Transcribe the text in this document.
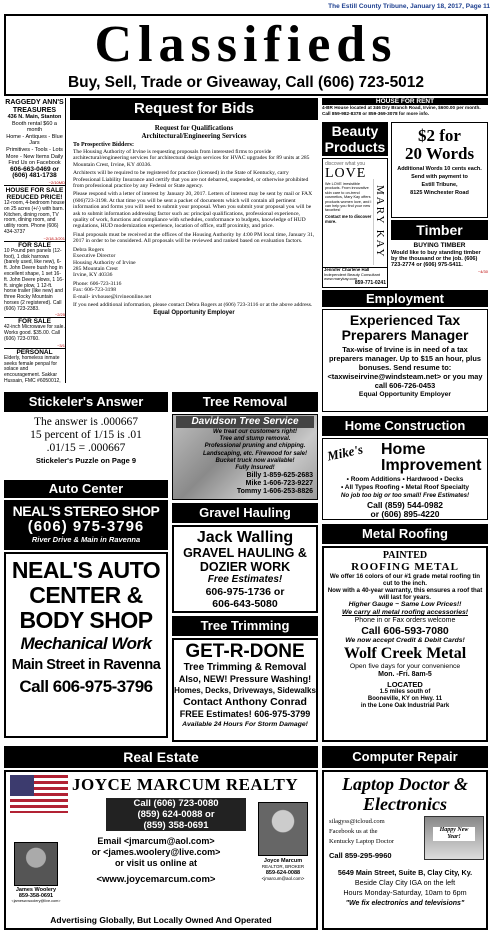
The Estill County Tribune, January 18, 2017, Page 11
Classifieds
Buy, Sell, Trade or Giveaway, Call (606) 723-5012
RAGGEDY ANN'S TREASURES
436 N. Main, Stanton
Booth rental $60 a month
Home - Antiques - Blue Jars
Primitives - Tools - Lots
More - New Items Daily
Find Us on Facebook
606-663-0469 or
(606) 481-1738
~2/10MD
HOUSE FOR SALE REDUCED PRICE!
12-room, 4-bedroom house on 25 acres (+/-) with barn. Kitchen, dining room, TV room, dining room, and utility room. Phone (606) 434-3737
~2/18-3/201
FOR SALE
10 Pound pen panels (12-foot), 1 disk harrows (barely used, like new), 6-ft. John Deere bush hog in excellent shape, 1 set 16-ft. John Deere plows, 1 16-ft. single plow, 1 12-ft. horse trailer (like new) and three Rocky Mountain horses (2 registered). Call (606) 723-2383.
~2/25
FOR SALE
42-inch Microwave for sale. Works good. $35.00. Call (606) 723-0760.
~3/1
PERSONAL
Elderly, homeless inmate seeks female penpal for solace and encouragement. Sakkar Hussain, FMC #6050012,
Request for Bids
Request for Qualifications
Architectural/Engineering Services
To Prospective Bidders:
The Housing Authority of Irvine is requesting proposals from interested firms to provide architectural/engineering services for architectural design services for HVAC upgrades for 89 units at 285 Mountain Crest, Irvine, KY 40336.
Architects will be required to be registered for practice (licensed) in the State of Kentucky, carry Professional Liability Insurance and certify that you are not debarred, suspended, or otherwise prohibited from professional practice by any Federal or State agency.
Please respond with a letter of interest by January 20, 2017. Letters of interest may be sent by mail or FAX (606)723-3198. At that time you will be sent a packet of documents which will contain all pertinent information and forms you will need to submit your proposal. When you submit your proposal you will be ask to submit information addressing factor such as: principal qualifications, professional experience, quality of work, functions and compliance with schedules, conformance to budgets, knowledge of HUD regulations, HUD modernization experience, location of office, staff proximity, and price.
Final proposals must be received at the offices of the Housing Authority by 4:00 PM local time, January 31, 2017 in order to be considered. All proposals will be reviewed and ranked based on evaluation factors.
Debra Rogers
Executive Director
Housing Authority of Irvine
285 Mountain Crest
Irvine, KY 40336
Phone: 606-723-3116
Fax: 606-723-3198
E-mail- irvhouse@irvineonline.net
If you need additional information, please contact Debra Rogers at (606) 723-3116 or at the above address.
Equal Opportunity Employer
HOUSE FOR RENT
4-BR House located at 346 Dry Branch Road, Irvine, $600.00 per month. Call 859-982-8378 or 859-369-3078 for more info.
Beauty Products
discover what you
LOVE
We LOVE irresistible products. From innovative skin care to on-trend cosmetics, Mary Kay offers products women love, and I can help you find your new favorites!
Contact me to discover more.	MARY KAY
Jennifer Charlene Hall
Independent Beauty Consultant
www.marykay.com
859-771-0241
$2 for
20 Words
Additional Words 10 cents each.
Send with payment to
Estill Tribune,
8125 Winchester Road
Timber
BUYING TIMBER
Would like to buy standing timber by the thousand or the job. (606) 723-2774 or (606) 975-5411.
~4/30
Employment
Experienced Tax Preparers Manager
Tax-wise of Irvine is in need of a tax preparers manager. Up to $15 an hour, plus bonuses. Send resume to: <taxwiseirvine@windsteam.net> or you may call 606-726-0453
Equal Opportunity Employer
Stickeler's Answer
The answer is .000667
15 percent of 1/15 is .01
.01/15 = .000667
Stickeler's Puzzle on Page 9
Tree Removal
Davidson Tree Service
We treat our customers right!
Tree and stump removal.
Professional pruning and chipping.
Landscaping, etc. Firewood for sale!
Bucket truck now available!
Fully Insured!
Billy 1-859-625-2683
Mike 1-606-723-9227
Tommy 1-606-253-8826
Home Construction
Mike's Home
Improvement
• Room Additions • Hardwood • Decks
• All Types Roofing • Metal Roof Specialty
No job too big or too small! Free Estimates!
Call (859) 544-0982
or (606) 895-4220
Auto Center
NEAL'S STEREO SHOP
(606) 975-3796
River Drive & Main in Ravenna
NEAL'S AUTO
CENTER &
BODY SHOP
Mechanical Work
Main Street in Ravenna
Call 606-975-3796
Gravel Hauling
Jack Walling
GRAVEL HAULING &
DOZIER WORK
Free Estimates!
606-975-1736 or
606-643-5080
Metal Roofing
PAINTED
ROOFING METAL
We offer 16 colors of our #1 grade metal roofing tin cut to the inch.
Now with a 40-year warranty, this ensures a roof that will last for years.
Higher Gauge ~ Same Low Prices!!
We carry all metal roofing accessories!
Phone in or Fax orders welcome
Call 606-593-7080
We now accept Credit & Debit Cards!
Wolf Creek Metal
Open five days for your convenience
Mon. -Fri. 8am-5
LOCATED
1.5 miles south of
Booneville, KY on Hwy. 11
in the Lone Oak Industrial Park
Tree Trimming
GET-R-DONE
Tree Trimming & Removal
Also, NEW! Pressure Washing!
Homes, Decks, Driveways, Sidewalks
Contact Anthony Conrad
FREE Estimates! 606-975-3799
Available 24 Hours For Storm Damage!
Real Estate
JOYCE MARCUM REALTY
Call (606) 723-0080
(859) 624-0088 or
(859) 358-0691
Email <jmarcum@aol.com>
or <james.woolery@live.com>
or visit us online at
<www.joycemarcum.com>
Advertising Globally, But Locally Owned And Operated
James Woolery
859-358-0691
<jamesw.woolery@live.com>
Joyce Marcum
REALTOR, BROKER
859-624-0088
<jmarcum@aol.com>
Computer Repair
Laptop Doctor &
Electronics
silagyss@icloud.com
Facebook us at the
Kentucky Laptop Doctor
Call 859-295-9960
Happy New Year!
5649 Main Street, Suite B, Clay City, Ky.
Beside Clay City IGA on the left
Hours Monday-Saturday, 10am to 6pm
"We fix electronics and televisions"
